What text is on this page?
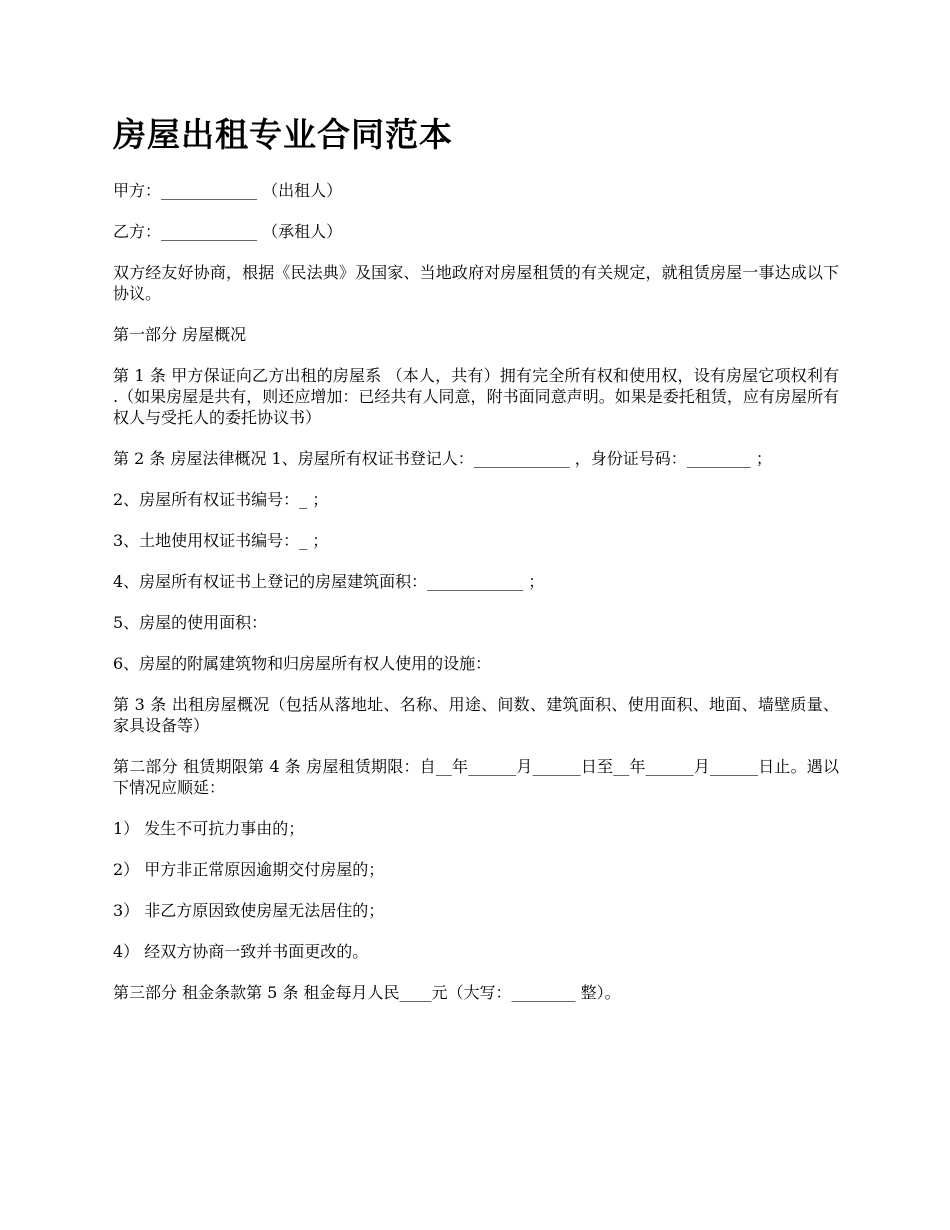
房屋出租专业合同范本

甲方：____________ （出租人）

乙方：____________ （承租人）

双方经友好协商，根据《民法典》及国家、当地政府对房屋租赁的有关规定，就租赁房屋一事达成以下协议。

第一部分 房屋概况

第 1 条 甲方保证向乙方出租的房屋系 （本人，共有）拥有完全所有权和使用权，设有房屋它项权利有 .（如果房屋是共有，则还应增加：已经共有人同意，附书面同意声明。如果是委托租赁，应有房屋所有权人与受托人的委托协议书）

第 2 条 房屋法律概况 1、房屋所有权证书登记人：____________ ，身份证号码：________ ；

2、房屋所有权证书编号：_ ；

3、土地使用权证书编号：_ ；

4、房屋所有权证书上登记的房屋建筑面积：____________ ；

5、房屋的使用面积：

6、房屋的附属建筑物和归房屋所有权人使用的设施：

第 3 条 出租房屋概况（包括从落地址、名称、用途、间数、建筑面积、使用面积、地面、墙壁质量、家具设备等）

第二部分 租赁期限第 4 条 房屋租赁期限：自__年______月______日至__年______月______日止。遇以下情况应顺延：

1） 发生不可抗力事由的；

2） 甲方非正常原因逾期交付房屋的；

3） 非乙方原因致使房屋无法居住的；

4） 经双方协商一致并书面更改的。

第三部分 租金条款第 5 条 租金每月人民____元（大写：________ 整）。
